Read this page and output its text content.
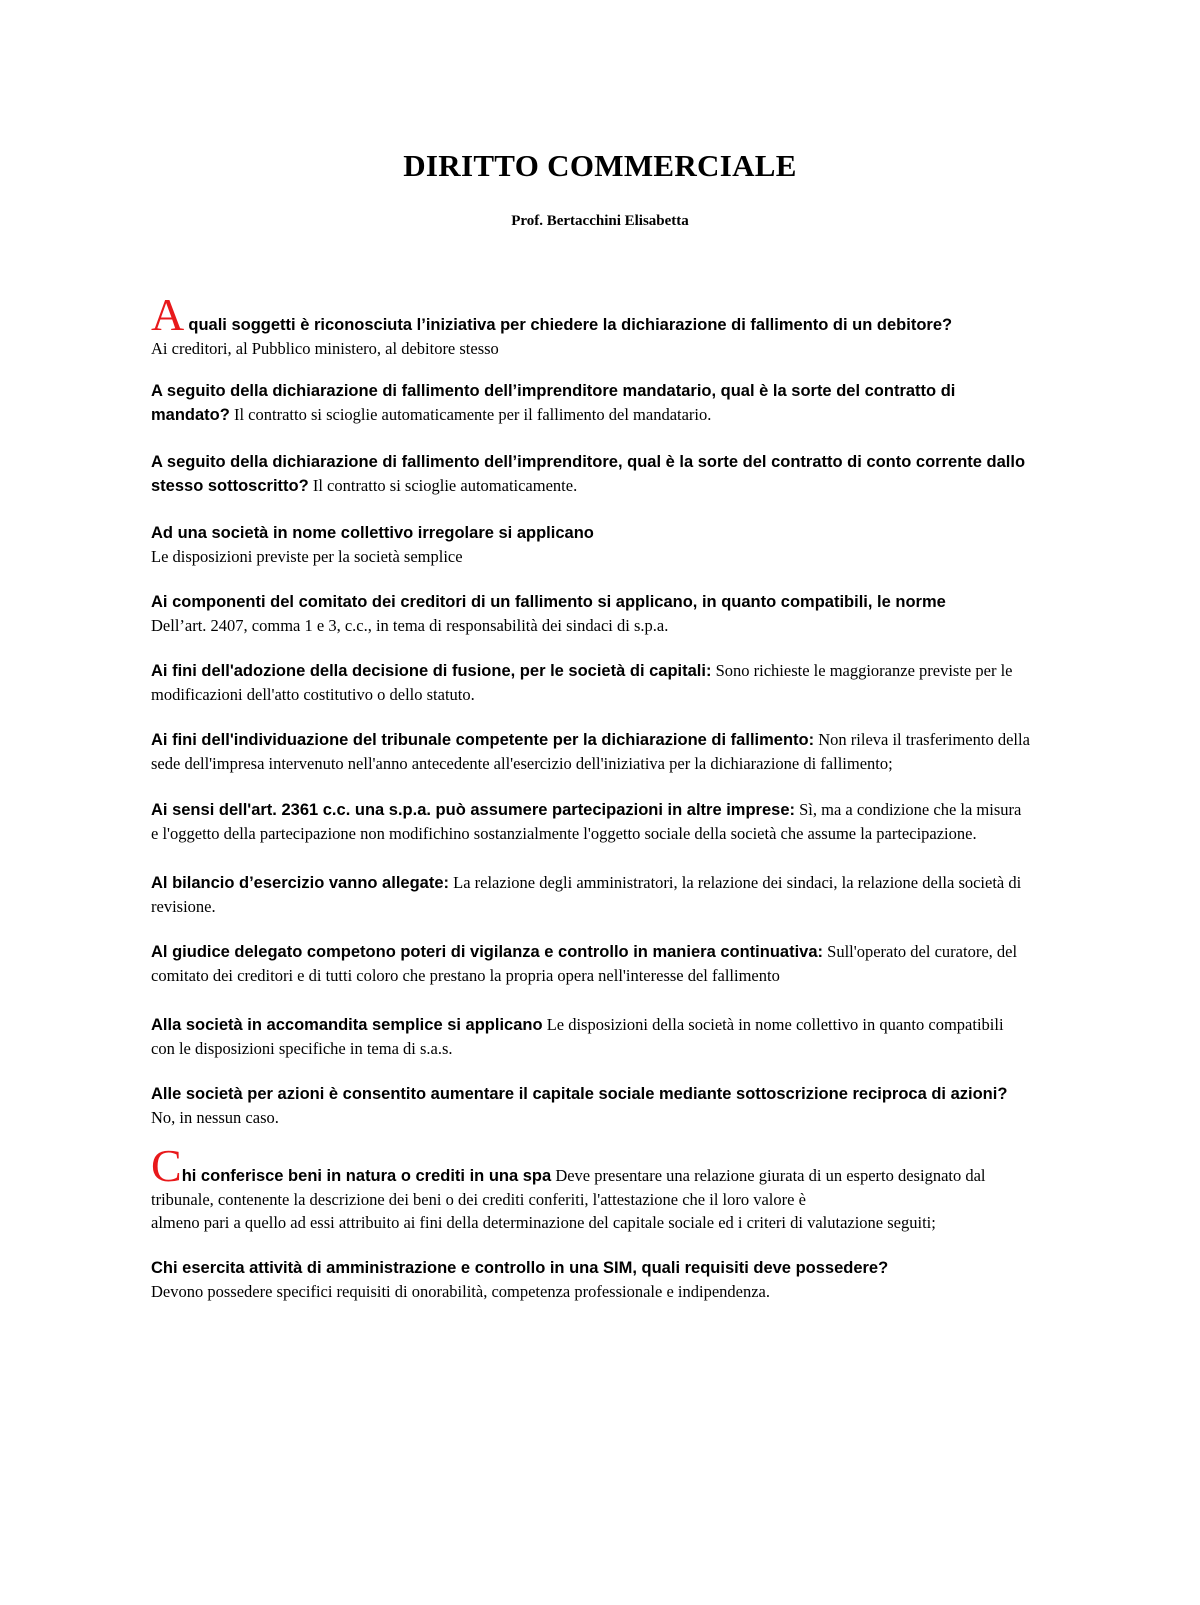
DIRITTO COMMERCIALE
Prof. Bertacchini Elisabetta

A quali soggetti è riconosciuta l’iniziativa per chiedere la dichiarazione di fallimento di un debitore?
Ai creditori, al Pubblico ministero, al debitore stesso

A seguito della dichiarazione di fallimento dell’imprenditore mandatario, qual è la sorte del contratto di mandato? Il contratto si scioglie automaticamente per il fallimento del mandatario.

A seguito della dichiarazione di fallimento dell’imprenditore, qual è la sorte del contratto di conto corrente dallo stesso sottoscritto? Il contratto si scioglie automaticamente.

Ad una società in nome collettivo irregolare si applicano
Le disposizioni previste per la società semplice

Ai componenti del comitato dei creditori di un fallimento si applicano, in quanto compatibili, le norme
Dell’art. 2407, comma 1 e 3, c.c., in tema di responsabilità dei sindaci di s.p.a.

Ai fini dell'adozione della decisione di fusione, per le società di capitali: Sono richieste le maggioranze previste per le modificazioni dell'atto costitutivo o dello statuto.

Ai fini dell'individuazione del tribunale competente per la dichiarazione di fallimento: Non rileva il trasferimento della sede dell'impresa intervenuto nell'anno antecedente all'esercizio dell'iniziativa per la dichiarazione di fallimento;

Ai sensi dell'art. 2361 c.c. una s.p.a. può assumere partecipazioni in altre imprese: Sì, ma a condizione che la misura e l'oggetto della partecipazione non modifichino sostanzialmente l'oggetto sociale della società che assume la partecipazione.

Al bilancio d’esercizio vanno allegate: La relazione degli amministratori, la relazione dei sindaci, la relazione della società di revisione.

Al giudice delegato competono poteri di vigilanza e controllo in maniera continuativa: Sull'operato del curatore, del comitato dei creditori e di tutti coloro che prestano la propria opera nell'interesse del fallimento

Alla società in accomandita semplice si applicano Le disposizioni della società in nome collettivo in quanto compatibili con le disposizioni specifiche in tema di s.a.s.

Alle società per azioni è consentito aumentare il capitale sociale mediante sottoscrizione reciproca di azioni? No, in nessun caso.

Chi conferisce beni in natura o crediti in una spa Deve presentare una relazione giurata di un esperto designato dal tribunale, contenente la descrizione dei beni o dei crediti conferiti, l'attestazione che il loro valore è
almeno pari a quello ad essi attribuito ai fini della determinazione del capitale sociale ed i criteri di valutazione seguiti;

Chi esercita attività di amministrazione e controllo in una SIM, quali requisiti deve possedere?
Devono possedere specifici requisiti di onorabilità, competenza professionale e indipendenza.
